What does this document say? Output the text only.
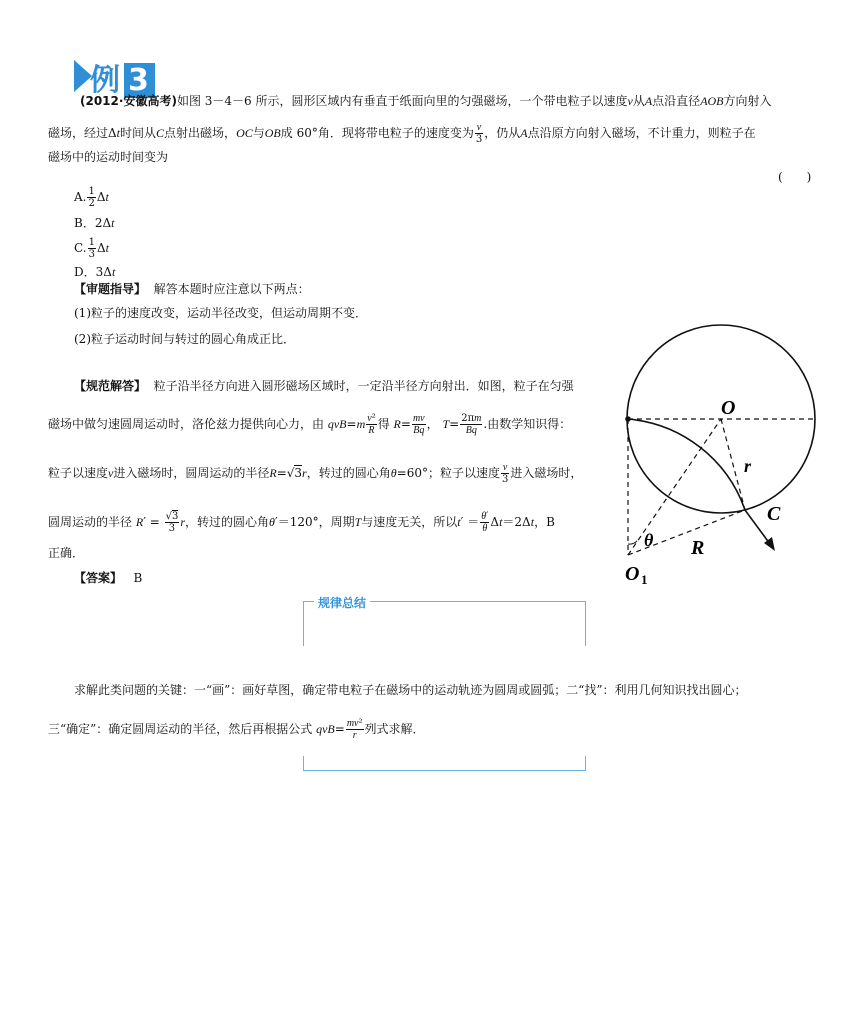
例 3
(2012·安徽高考)如图 3－4－6 所示，圆形区域内有垂直于纸面向里的匀强磁场，一个带电粒子以速度v从A点沿直径AOB方向射入
磁场，经过Δt时间从C点射出磁场，OC与OB成 60°角．现将带电粒子的速度变为 $\frac{v}{3}$ ，仍从A点沿原方向射入磁场，不计重力，则粒子在
磁场中的运动时间变为
(　　)
A. $\frac{1}{2}$ Δt
B．2Δt
C. $\frac{1}{3}$ Δt
D．3Δt
【审题指导】 解答本题时应注意以下两点：
(1)粒子的速度改变，运动半径改变，但运动周期不变．
(2)粒子运动时间与转过的圆心角成正比．
【规范解答】 粒子沿半径方向进入圆形磁场区域时，一定沿半径方向射出．如图，粒子在匀强
磁场中做匀速圆周运动时，洛伦兹力提供向心力，由 $qvB=m \frac{\text{v²}}{R}$ 得 $R= \frac{mv}{Bq}$ ， $T= \frac{2\pi m}{Bq}$ .由数学知识得：
粒子以速度v进入磁场时，圆周运动的半径R=√3r，转过的圆心角θ=60°；粒子以速度 $\frac{v}{3}$ 进入磁场时，
圆周运动的半径 $R' = \frac{√3}{3}$ r，转过的圆心角θ′＝120°，周期T与速度无关，所以$t' = \frac{\theta'}{\theta} \Delta t=2\Delta t$，B
正确．
【答案】 B
规律总结
求解此类问题的关键：一“画”：画好草图，确定带电粒子在磁场中的运动轨迹为圆周或圆弧；二“找”：利用几何知识找出圆心；
三“确定”：确定圆周运动的半径，然后再根据公式 $qvB= \frac{\text{mv²}}{r}$ 列式求解．
O
r
C
θ R
O 1
